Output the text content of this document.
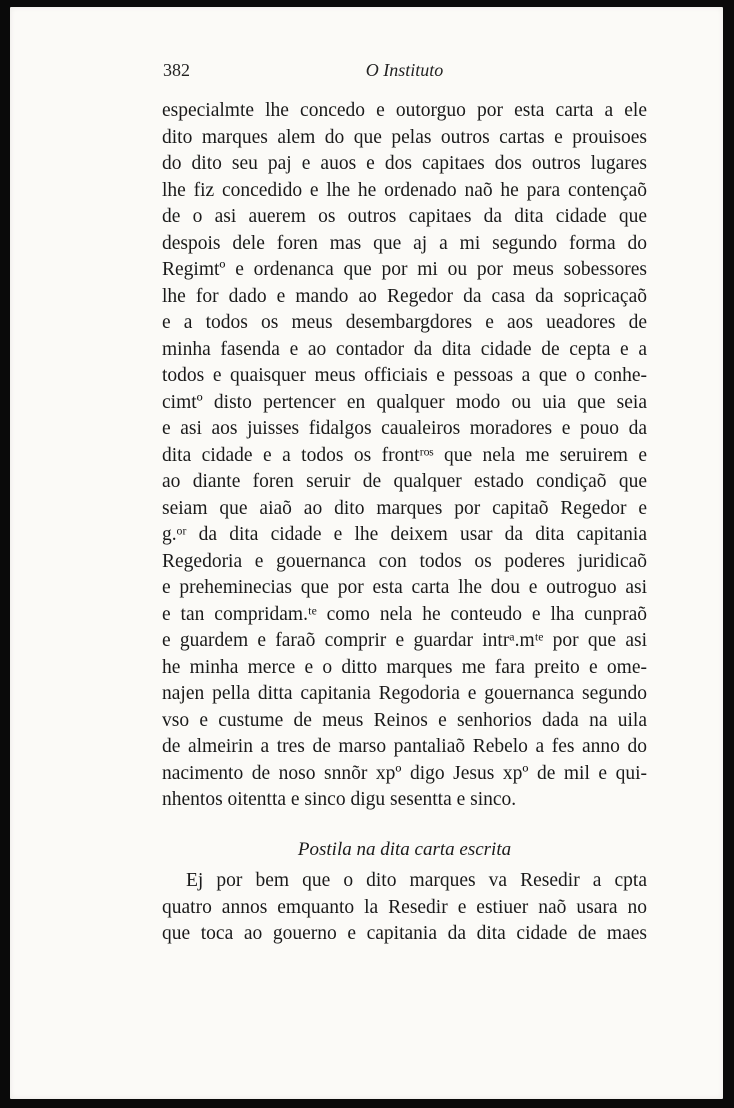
382	O Instituto
especialmte lhe concedo e outorguo por esta carta a ele
dito marques alem do que pelas outros cartas e prouisoes
do dito seu paj e auos e dos capitaes dos outros lugares
lhe fiz concedido e lhe he ordenado naõ he para contençaõ
de o asi auerem os outros capitaes da dita cidade que
despois dele foren mas que aj a mi segundo forma do
Regimtº e ordenanca que por mi ou por meus sobessores
lhe for dado e mando ao Regedor da casa da sopricaçaõ
e a todos os meus desembargdores e aos ueadores de
minha fasenda e ao contador da dita cidade de cepta e a
todos e quaisquer meus officiais e pessoas a que o conhe-
cimtº disto pertencer en qualquer modo ou uia que seia
e asi aos juisses fidalgos caualeiros moradores e pouo da
dita cidade e a todos os frontʳᵒˢ que nela me seruirem e
ao diante foren seruir de qualquer estado condiçaõ que
seiam que aiaõ ao dito marques por capitaõ Regedor e
g.ᵒʳ da dita cidade e lhe deixem usar da dita capitania
Regedoria e gouernanca con todos os poderes juridicaõ
e preheminecias que por esta carta lhe dou e outroguo asi
e tan compridam.ᵗᵉ como nela he conteudo e lha cunpraõ
e guardem e faraõ comprir e guardar intrᵃ.mᵗᵉ por que asi
he minha merce e o ditto marques me fara preito e ome-
najen pella ditta capitania Regodoria e gouernanca segundo
vso e custume de meus Reinos e senhorios dada na uila
de almeirin a tres de marso pantaliaõ Rebelo a fes anno do
nacimento de noso snnõr xpº digo Jesus xpº de mil e qui-
nhentos oitentta e sinco digu sesentta e sinco.
Postila na dita carta escrita
Ej por bem que o dito marques va Resedir a cpta
quatro annos emquanto la Resedir e estiuer naõ usara no
que toca ao gouerno e capitania da dita cidade de maes
